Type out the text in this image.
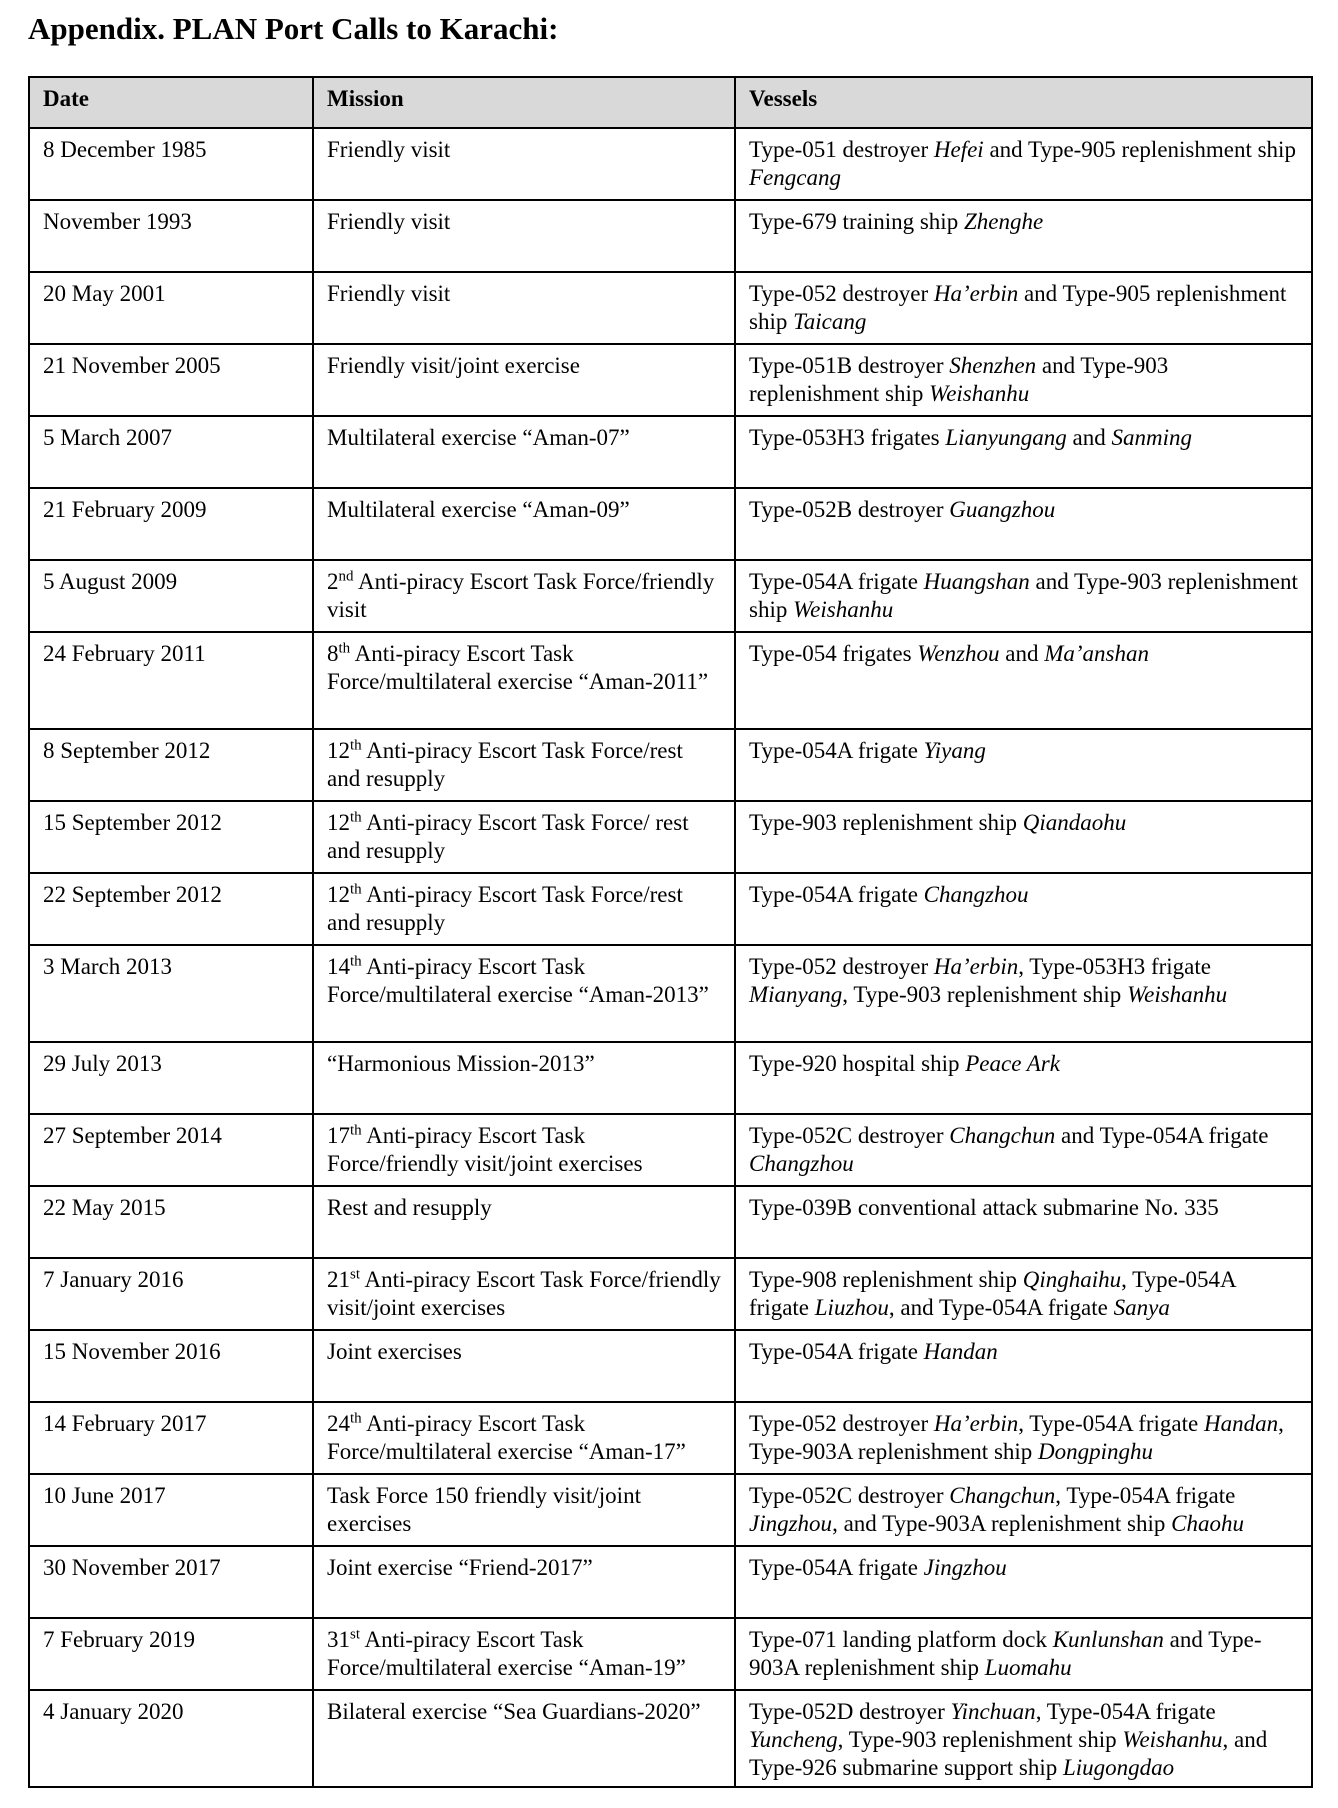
Appendix. PLAN Port Calls to Karachi:
Date	Mission	Vessels
8 December 1985	Friendly visit	Type-051 destroyer Hefei and Type-905 replenishment ship Fengcang
November 1993	Friendly visit	Type-679 training ship Zhenghe
20 May 2001	Friendly visit	Type-052 destroyer Ha’erbin and Type-905 replenishment ship Taicang
21 November 2005	Friendly visit/joint exercise	Type-051B destroyer Shenzhen and Type-903 replenishment ship Weishanhu
5 March 2007	Multilateral exercise “Aman-07”	Type-053H3 frigates Lianyungang and Sanming
21 February 2009	Multilateral exercise “Aman-09”	Type-052B destroyer Guangzhou
5 August 2009	2nd Anti-piracy Escort Task Force/friendly visit	Type-054A frigate Huangshan and Type-903 replenishment ship Weishanhu
24 February 2011	8th Anti-piracy Escort Task Force/multilateral exercise “Aman-2011”	Type-054 frigates Wenzhou and Ma’anshan
8 September 2012	12th Anti-piracy Escort Task Force/rest and resupply	Type-054A frigate Yiyang
15 September 2012	12th Anti-piracy Escort Task Force/ rest and resupply	Type-903 replenishment ship Qiandaohu
22 September 2012	12th Anti-piracy Escort Task Force/rest and resupply	Type-054A frigate Changzhou
3 March 2013	14th Anti-piracy Escort Task Force/multilateral exercise “Aman-2013”	Type-052 destroyer Ha’erbin, Type-053H3 frigate Mianyang, Type-903 replenishment ship Weishanhu
29 July 2013	“Harmonious Mission-2013”	Type-920 hospital ship Peace Ark
27 September 2014	17th Anti-piracy Escort Task Force/friendly visit/joint exercises	Type-052C destroyer Changchun and Type-054A frigate Changzhou
22 May 2015	Rest and resupply	Type-039B conventional attack submarine No. 335
7 January 2016	21st Anti-piracy Escort Task Force/friendly visit/joint exercises	Type-908 replenishment ship Qinghaihu, Type-054A frigate Liuzhou, and Type-054A frigate Sanya
15 November 2016	Joint exercises	Type-054A frigate Handan
14 February 2017	24th Anti-piracy Escort Task Force/multilateral exercise “Aman-17”	Type-052 destroyer Ha’erbin, Type-054A frigate Handan, Type-903A replenishment ship Dongpinghu
10 June 2017	Task Force 150 friendly visit/joint exercises	Type-052C destroyer Changchun, Type-054A frigate Jingzhou, and Type-903A replenishment ship Chaohu
30 November 2017	Joint exercise “Friend-2017”	Type-054A frigate Jingzhou
7 February 2019	31st Anti-piracy Escort Task Force/multilateral exercise “Aman-19”	Type-071 landing platform dock Kunlunshan and Type-903A replenishment ship Luomahu
4 January 2020	Bilateral exercise “Sea Guardians-2020”	Type-052D destroyer Yinchuan, Type-054A frigate Yuncheng, Type-903 replenishment ship Weishanhu, and Type-926 submarine support ship Liugongdao
